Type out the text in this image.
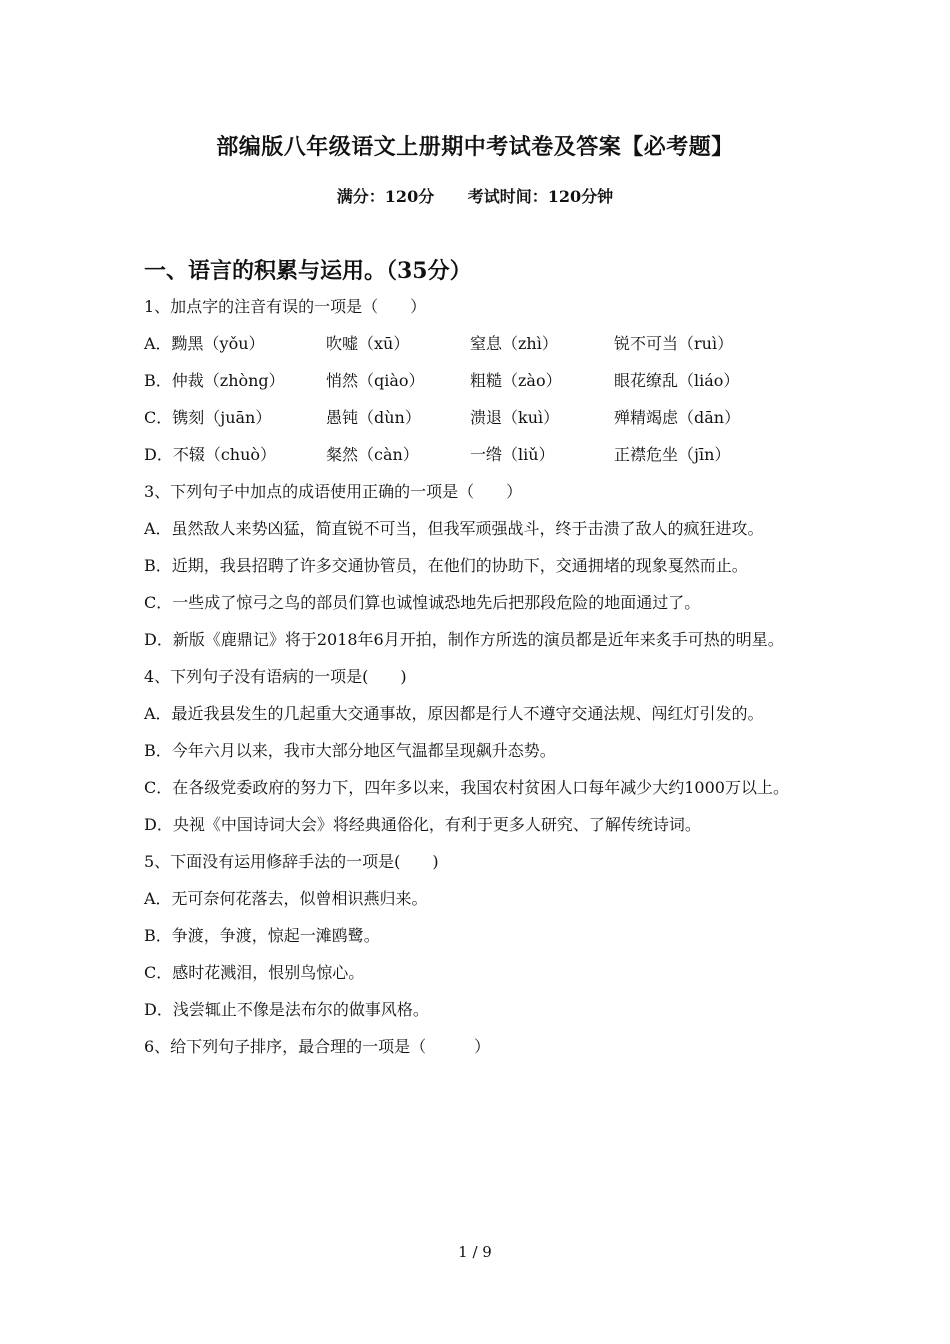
部编版八年级语文上册期中考试卷及答案【必考题】
满分：120分 考试时间：120分钟
一、语言的积累与运用。（35分）
1、加点字的注音有误的一项是（　　）
A．黝黑（yǒu）	吹嘘（xū）	窒息（zhì）	锐不可当（ruì）
B．仲裁（zhòng）	悄然（qiào）	粗糙（zào）	眼花缭乱（liáo）
C．镌刻（juān）	愚钝（dùn）	溃退（kuì）	殚精竭虑（dān）
D．不辍（chuò）	粲然（càn）	一绺（liǔ）	正襟危坐（jīn）
3、下列句子中加点的成语使用正确的一项是（　　）
A．虽然敌人来势凶猛，简直锐不可当，但我军顽强战斗，终于击溃了敌人的疯狂进攻。
B．近期，我县招聘了许多交通协管员，在他们的协助下，交通拥堵的现象戛然而止。
C．一些成了惊弓之鸟的部员们算也诚惶诚恐地先后把那段危险的地面通过了。
D．新版《鹿鼎记》将于2018年6月开拍，制作方所选的演员都是近年来炙手可热的明星。
4、下列句子没有语病的一项是(　　)
A．最近我县发生的几起重大交通事故，原因都是行人不遵守交通法规、闯红灯引发的。
B．今年六月以来，我市大部分地区气温都呈现飙升态势。
C．在各级党委政府的努力下，四年多以来，我国农村贫困人口每年减少大约1000万以上。
D．央视《中国诗词大会》将经典通俗化，有利于更多人研究、了解传统诗词。
5、下面没有运用修辞手法的一项是(　　)
A．无可奈何花落去，似曾相识燕归来。
B．争渡，争渡，惊起一滩鸥鹭。
C．感时花溅泪，恨别鸟惊心。
D．浅尝辄止不像是法布尔的做事风格。
6、给下列句子排序，最合理的一项是（　　　）
1 / 9
